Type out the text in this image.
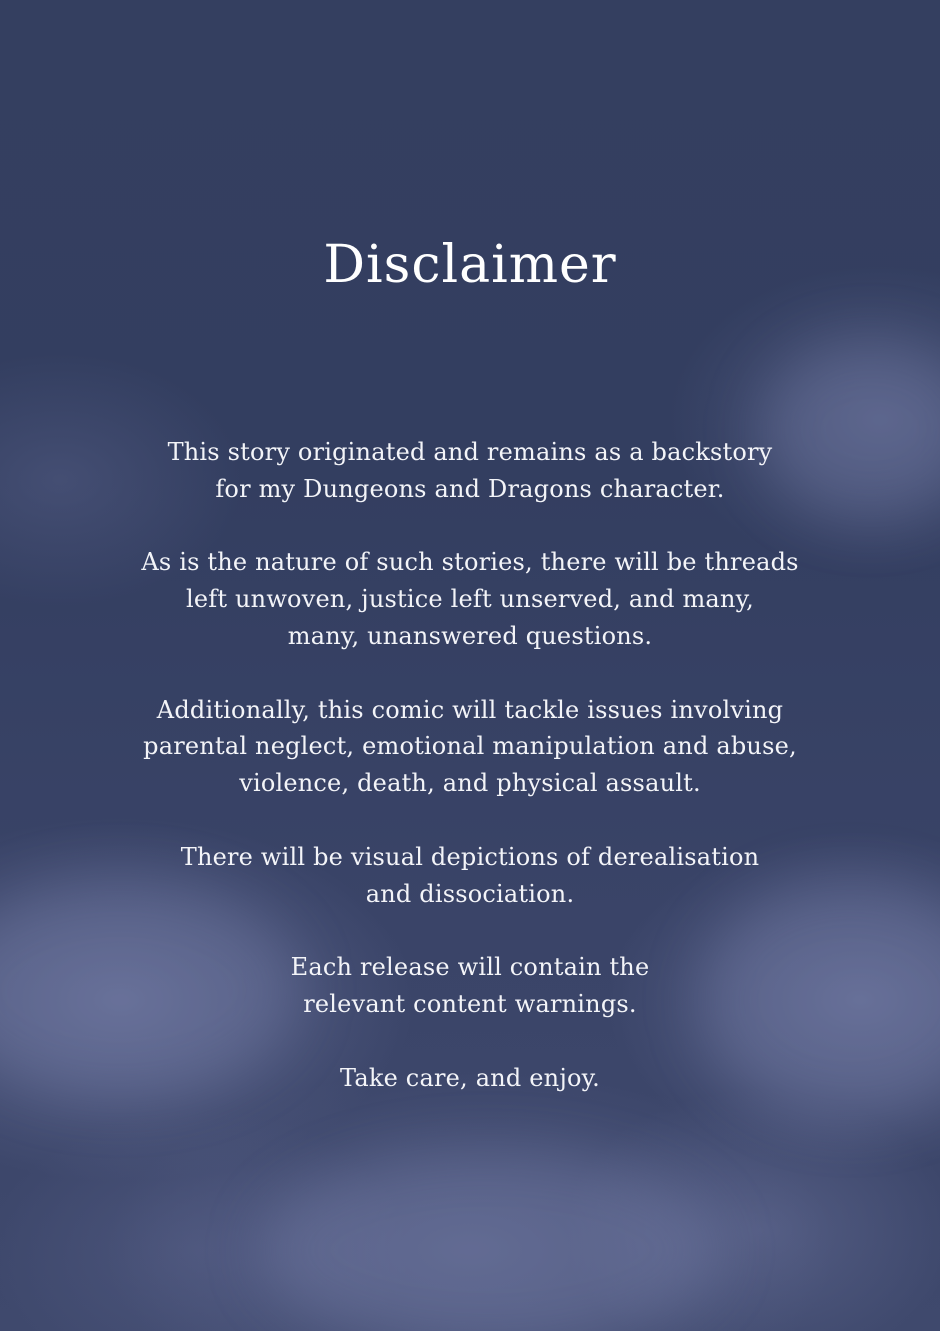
Disclaimer

This story originated and remains as a backstory
for my Dungeons and Dragons character.

As is the nature of such stories, there will be threads
left unwoven, justice left unserved, and many,
many, unanswered questions.

Additionally, this comic will tackle issues involving
parental neglect, emotional manipulation and abuse,
violence, death, and physical assault.

There will be visual depictions of derealisation
and dissociation.

Each release will contain the
relevant content warnings.

Take care, and enjoy.
